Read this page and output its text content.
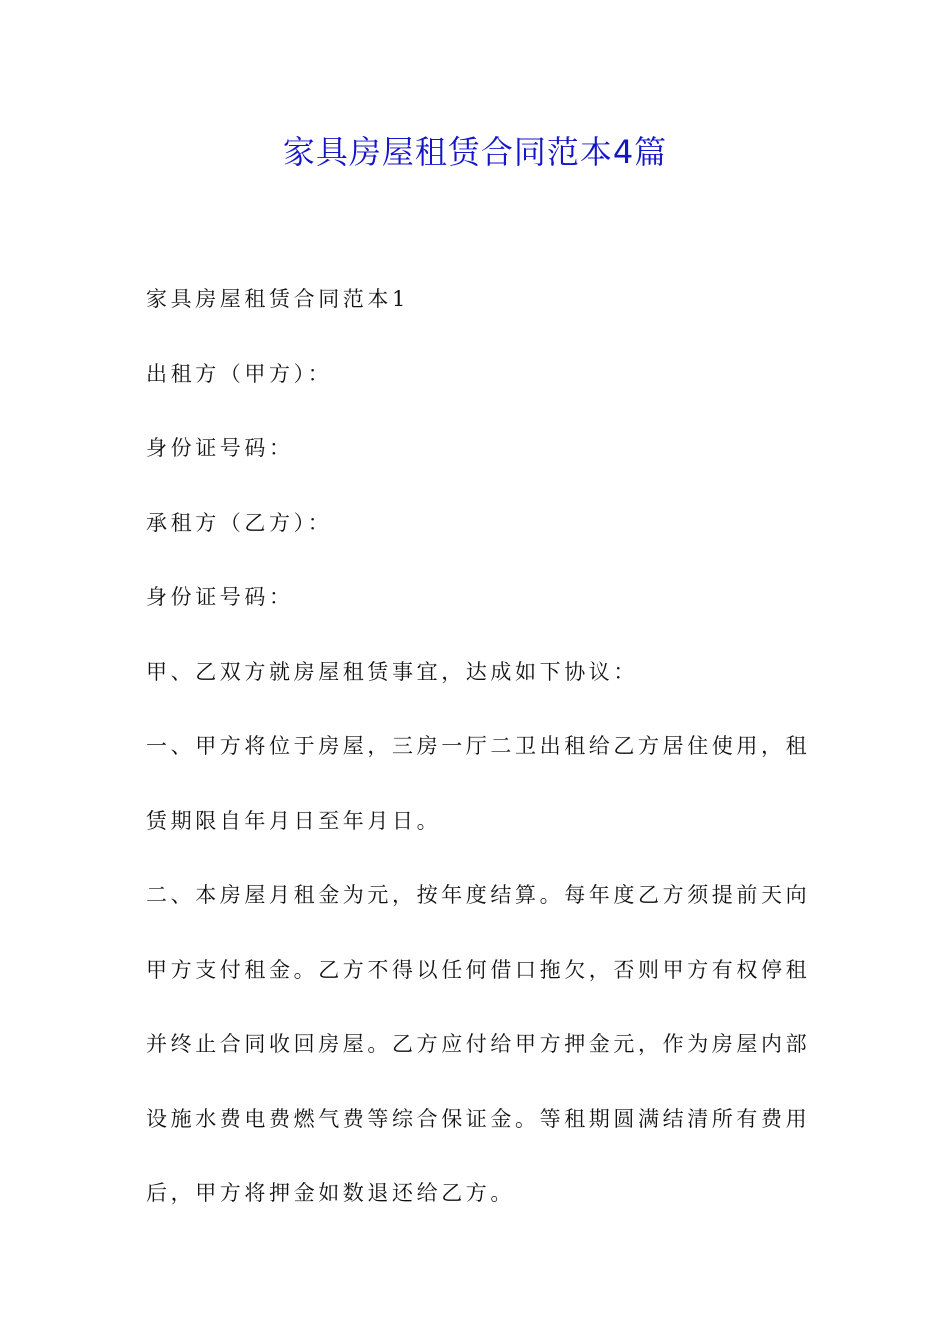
家具房屋租赁合同范本4篇

家具房屋租赁合同范本1

出租方（甲方）：

身份证号码：

承租方（乙方）：

身份证号码：

甲、乙双方就房屋租赁事宜，达成如下协议：

一、甲方将位于房屋，三房一厅二卫出租给乙方居住使用，租

赁期限自年月日至年月日。

二、本房屋月租金为元，按年度结算。每年度乙方须提前天向

甲方支付租金。乙方不得以任何借口拖欠，否则甲方有权停租

并终止合同收回房屋。乙方应付给甲方押金元，作为房屋内部

设施水费电费燃气费等综合保证金。等租期圆满结清所有费用

后，甲方将押金如数退还给乙方。
